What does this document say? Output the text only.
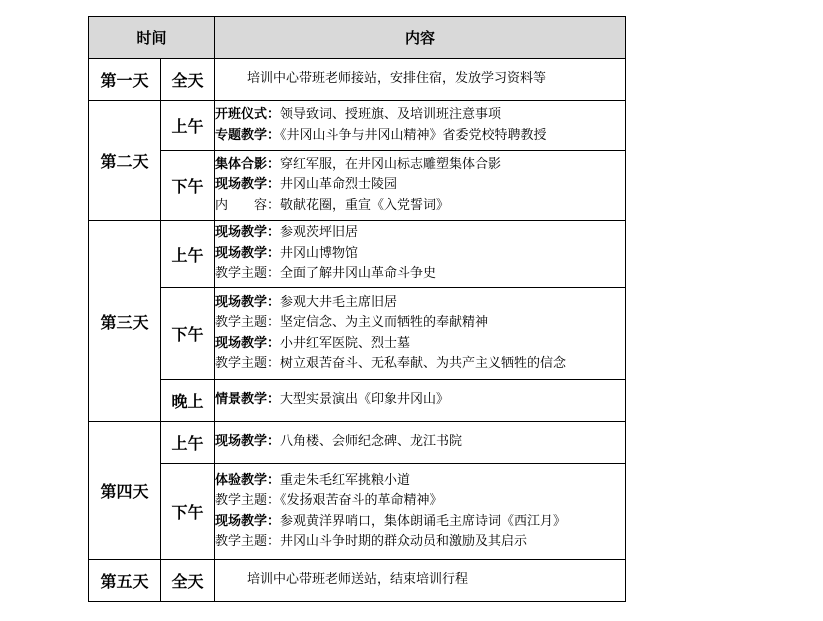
时间		内容
第一天	全天	培训中心带班老师接站，安排住宿，发放学习资料等

第二天	上午	开班仪式：领导致词、授班旗、及培训班注意事项
专题教学：《井冈山斗争与井冈山精神》省委党校特聘教授

	下午	集体合影：穿红军服，在井冈山标志雕塑集体合影
现场教学：井冈山革命烈士陵园
内　　容：敬献花圈，重宣《入党誓词》

第三天	上午	现场教学：参观茨坪旧居
现场教学：井冈山博物馆
教学主题：全面了解井冈山革命斗争史

	下午	现场教学：参观大井毛主席旧居
教学主题：坚定信念、为主义而牺牲的奉献精神
现场教学：小井红军医院、烈士墓
教学主题：树立艰苦奋斗、无私奉献、为共产主义牺牲的信念

	晚上	情景教学：大型实景演出《印象井冈山》

第四天	上午	现场教学：八角楼、会师纪念碑、龙江书院

	下午	体验教学：重走朱毛红军挑粮小道
教学主题：《发扬艰苦奋斗的革命精神》
现场教学：参观黄洋界哨口，集体朗诵毛主席诗词《西江月》
教学主题：井冈山斗争时期的群众动员和激励及其启示

第五天	全天	培训中心带班老师送站，结束培训行程
